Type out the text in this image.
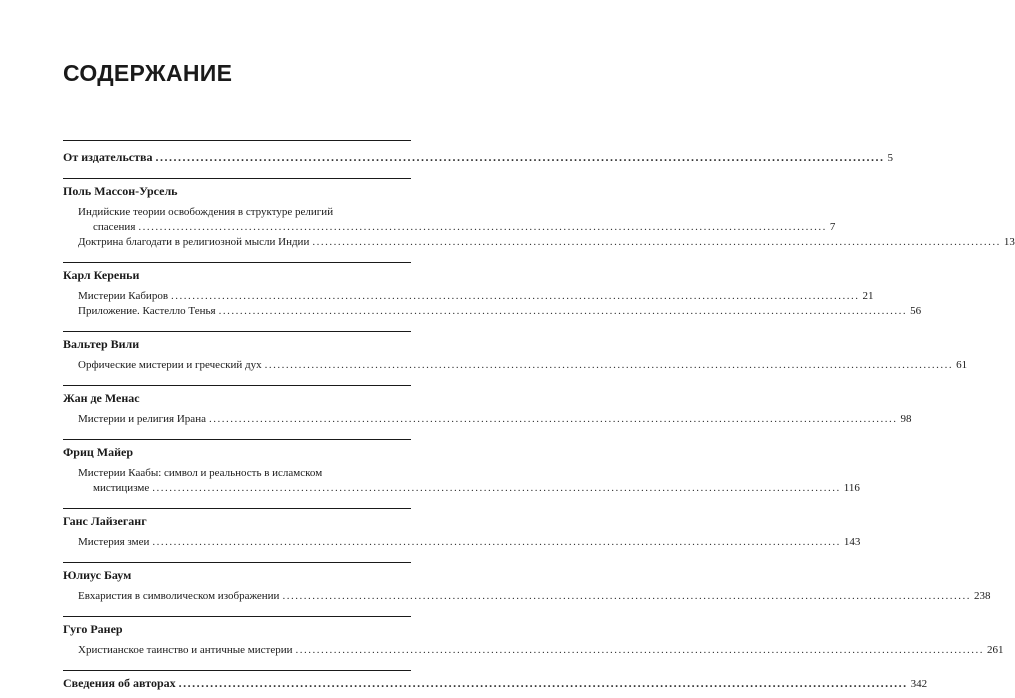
СОДЕРЖАНИЕ
От издательства .................................................................................................................................................................. 5
Поль Массон-Урсель
Индийские теории освобождения в структуре религий
спасения .................................................................................................................................................................. 7
Доктрина благодати в религиозной мысли Индии .................................................................................................................................................................. 13
Карл Кереньи
Мистерии Кабиров .................................................................................................................................................................. 21
Приложение. Кастелло Тенья .................................................................................................................................................................. 56
Вальтер Вили
Орфические мистерии и греческий дух .................................................................................................................................................................. 61
Жан де Менас
Мистерии и религия Ирана .................................................................................................................................................................. 98
Фриц Майер
Мистерии Каабы: символ и реальность в исламском
мистицизме .................................................................................................................................................................. 116
Ганс Лайзеганг
Мистерия змеи .................................................................................................................................................................. 143
Юлиус Баум
Евхаристия в символическом изображении .................................................................................................................................................................. 238
Гуго Ранер
Христианское таинство и античные мистерии .................................................................................................................................................................. 261
Сведения об авторах .................................................................................................................................................................. 342
